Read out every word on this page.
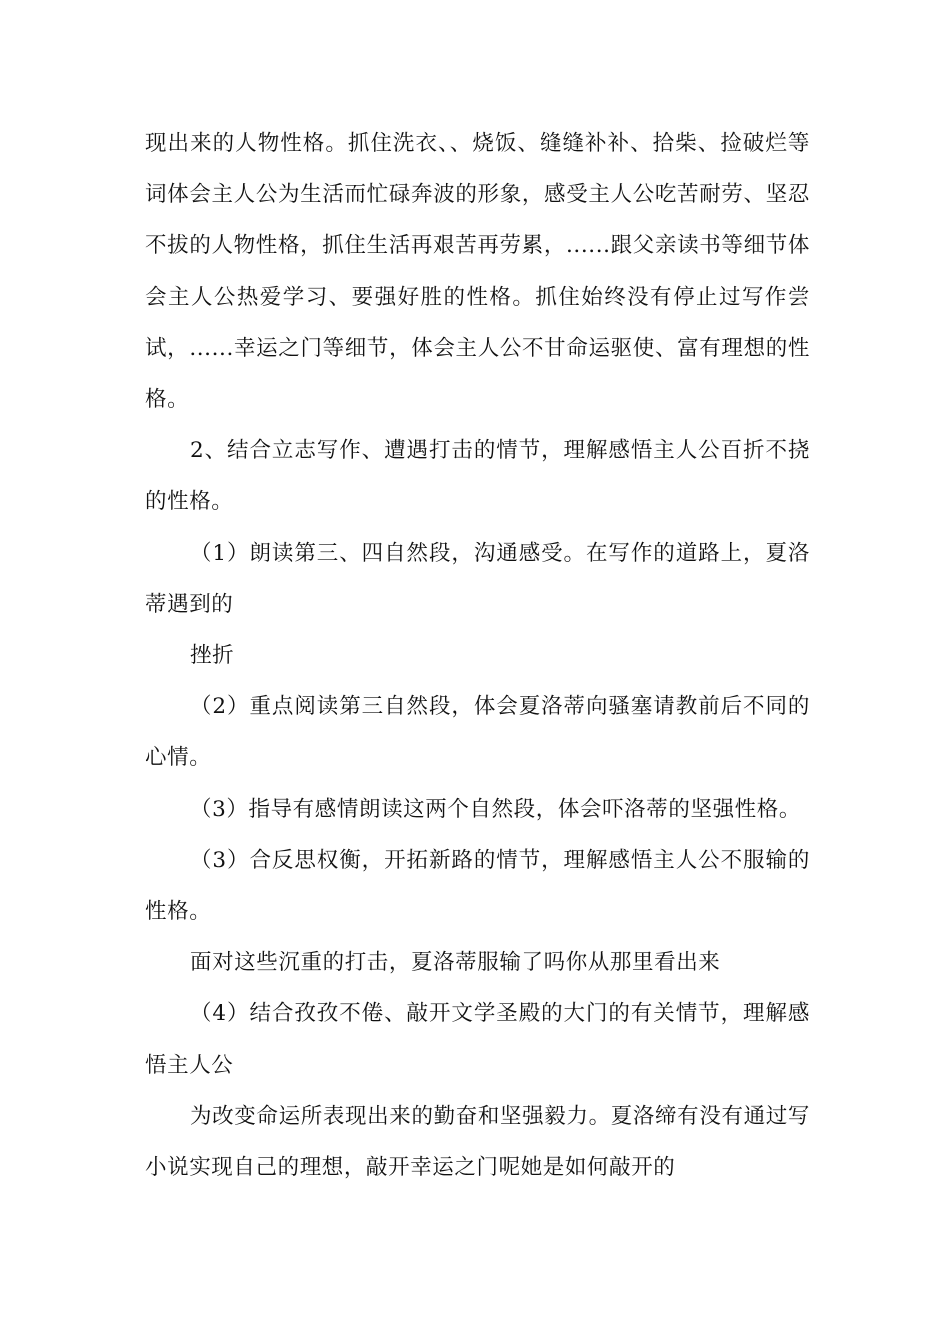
现出来的人物性格。抓住洗衣、、烧饭、缝缝补补、拾柴、捡破烂等词体会主人公为生活而忙碌奔波的形象，感受主人公吃苦耐劳、坚忍不拔的人物性格，抓住生活再艰苦再劳累，......跟父亲读书等细节体会主人公热爱学习、要强好胜的性格。抓住始终没有停止过写作尝试，......幸运之门等细节，体会主人公不甘命运驱使、富有理想的性格。

2、结合立志写作、遭遇打击的情节，理解感悟主人公百折不挠的性格。

（1）朗读第三、四自然段，沟通感受。在写作的道路上，夏洛蒂遇到的

挫折

（2）重点阅读第三自然段，体会夏洛蒂向骚塞请教前后不同的心情。

（3）指导有感情朗读这两个自然段，体会吓洛蒂的坚强性格。

（3）合反思权衡，开拓新路的情节，理解感悟主人公不服输的性格。

面对这些沉重的打击，夏洛蒂服输了吗你从那里看出来

（4）结合孜孜不倦、敲开文学圣殿的大门的有关情节，理解感悟主人公

为改变命运所表现出来的勤奋和坚强毅力。夏洛缔有没有通过写小说实现自己的理想，敲开幸运之门呢她是如何敲开的
